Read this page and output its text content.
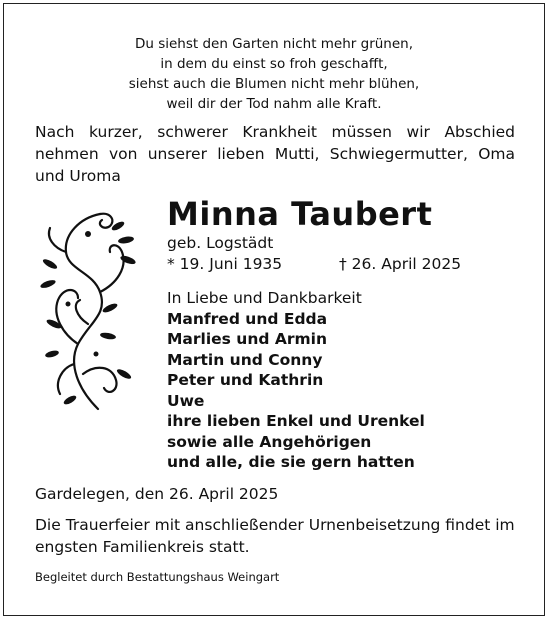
Du siehst den Garten nicht mehr grünen,
in dem du einst so froh geschafft,
siehst auch die Blumen nicht mehr blühen,
weil dir der Tod nahm alle Kraft.
Nach kurzer, schwerer Krankheit müssen wir Abschied nehmen von unserer lieben Mutti, Schwiegermutter, Oma und Uroma
Minna Taubert
geb. Logstädt
* 19. Juni 1935	† 26. April 2025
In Liebe und Dankbarkeit
Manfred und Edda
Marlies und Armin
Martin und Conny
Peter und Kathrin
Uwe
ihre lieben Enkel und Urenkel
sowie alle Angehörigen
und alle, die sie gern hatten
Gardelegen, den 26. April 2025
Die Trauerfeier mit anschließender Urnenbeisetzung findet im engsten Familienkreis statt.
Begleitet durch Bestattungshaus Weingart
